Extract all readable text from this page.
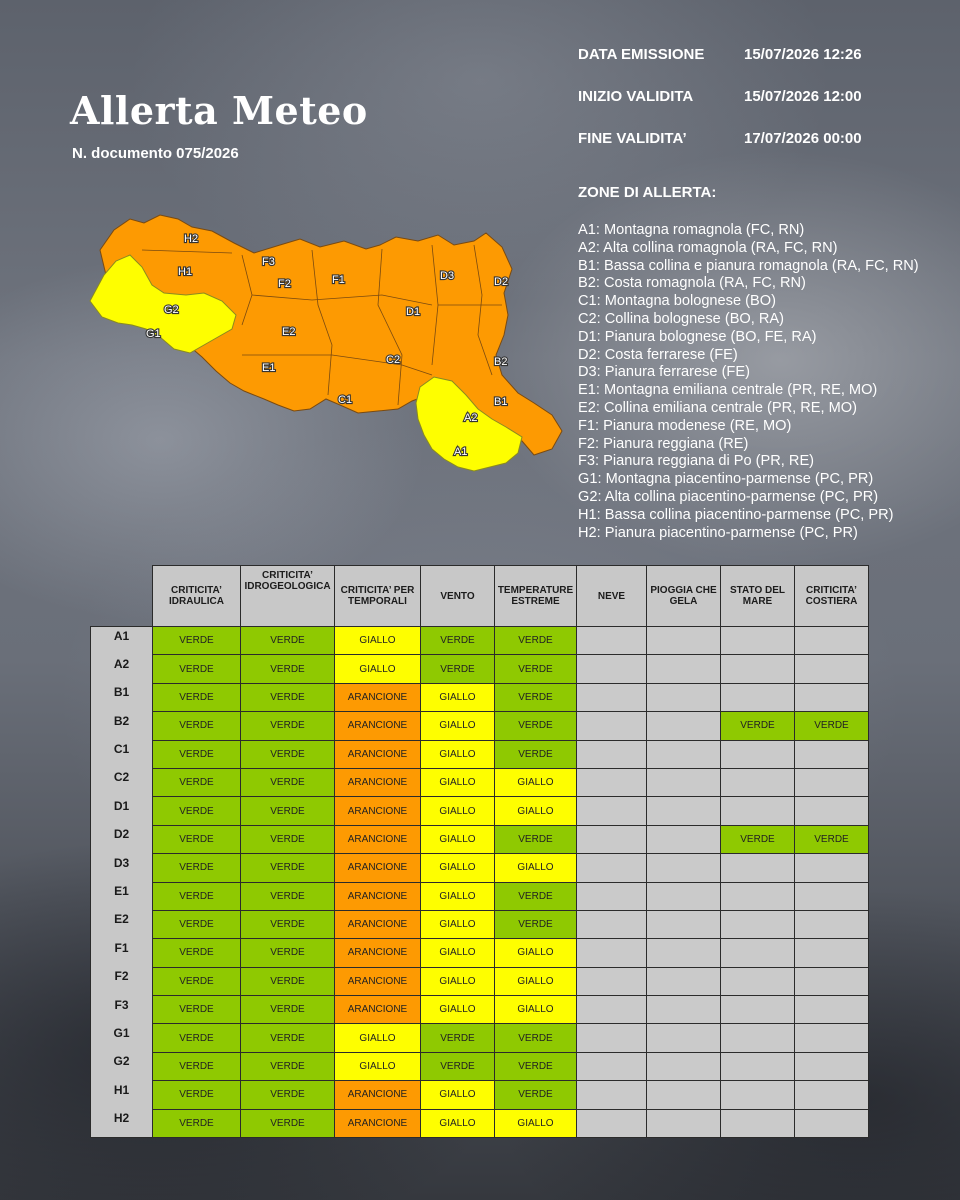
Allerta Meteo
N. documento 075/2026
DATA EMISSIONE	15/07/2026 12:26
INIZIO VALIDITA	15/07/2026 12:00
FINE VALIDITA’	17/07/2026 00:00
ZONE DI ALLERTA:
A1: Montagna romagnola (FC, RN)
A2: Alta collina romagnola (RA, FC, RN)
B1: Bassa collina e pianura romagnola (RA, FC, RN)
B2: Costa romagnola (RA, FC, RN)
C1: Montagna bolognese (BO)
C2: Collina bolognese (BO, RA)
D1: Pianura bolognese (BO, FE, RA)
D2: Costa ferrarese (FE)
D3: Pianura ferrarese (FE)
E1: Montagna emiliana centrale (PR, RE, MO)
E2: Collina emiliana centrale (PR, RE, MO)
F1: Pianura modenese (RE, MO)
F2: Pianura reggiana (RE)
F3: Pianura reggiana di Po (PR, RE)
G1: Montagna piacentino-parmense (PC, PR)
G2: Alta collina piacentino-parmense (PC, PR)
H1: Bassa collina piacentino-parmense (PC, PR)
H2: Pianura piacentino-parmense (PC, PR)
H2
H1
G2
G1
F3
F2	F1
E2
E1
D3	D2
D1
C2
C1
B2
B1
A2
A1
	CRITICITA’ IDRAULICA	CRITICITA’ IDROGEOLOGICA	CRITICITA’ PER TEMPORALI	VENTO	TEMPERATURE ESTREME	NEVE	PIOGGIA CHE GELA	STATO DEL MARE	CRITICITA’ COSTIERA
A1	VERDE	VERDE	GIALLO	VERDE	VERDE				
A2	VERDE	VERDE	GIALLO	VERDE	VERDE				
B1	VERDE	VERDE	ARANCIONE	GIALLO	VERDE				
B2	VERDE	VERDE	ARANCIONE	GIALLO	VERDE			VERDE	VERDE
C1	VERDE	VERDE	ARANCIONE	GIALLO	VERDE				
C2	VERDE	VERDE	ARANCIONE	GIALLO	GIALLO				
D1	VERDE	VERDE	ARANCIONE	GIALLO	GIALLO				
D2	VERDE	VERDE	ARANCIONE	GIALLO	VERDE			VERDE	VERDE
D3	VERDE	VERDE	ARANCIONE	GIALLO	GIALLO				
E1	VERDE	VERDE	ARANCIONE	GIALLO	VERDE				
E2	VERDE	VERDE	ARANCIONE	GIALLO	VERDE				
F1	VERDE	VERDE	ARANCIONE	GIALLO	GIALLO				
F2	VERDE	VERDE	ARANCIONE	GIALLO	GIALLO				
F3	VERDE	VERDE	ARANCIONE	GIALLO	GIALLO				
G1	VERDE	VERDE	GIALLO	VERDE	VERDE				
G2	VERDE	VERDE	GIALLO	VERDE	VERDE				
H1	VERDE	VERDE	ARANCIONE	GIALLO	VERDE				
H2	VERDE	VERDE	ARANCIONE	GIALLO	GIALLO				
